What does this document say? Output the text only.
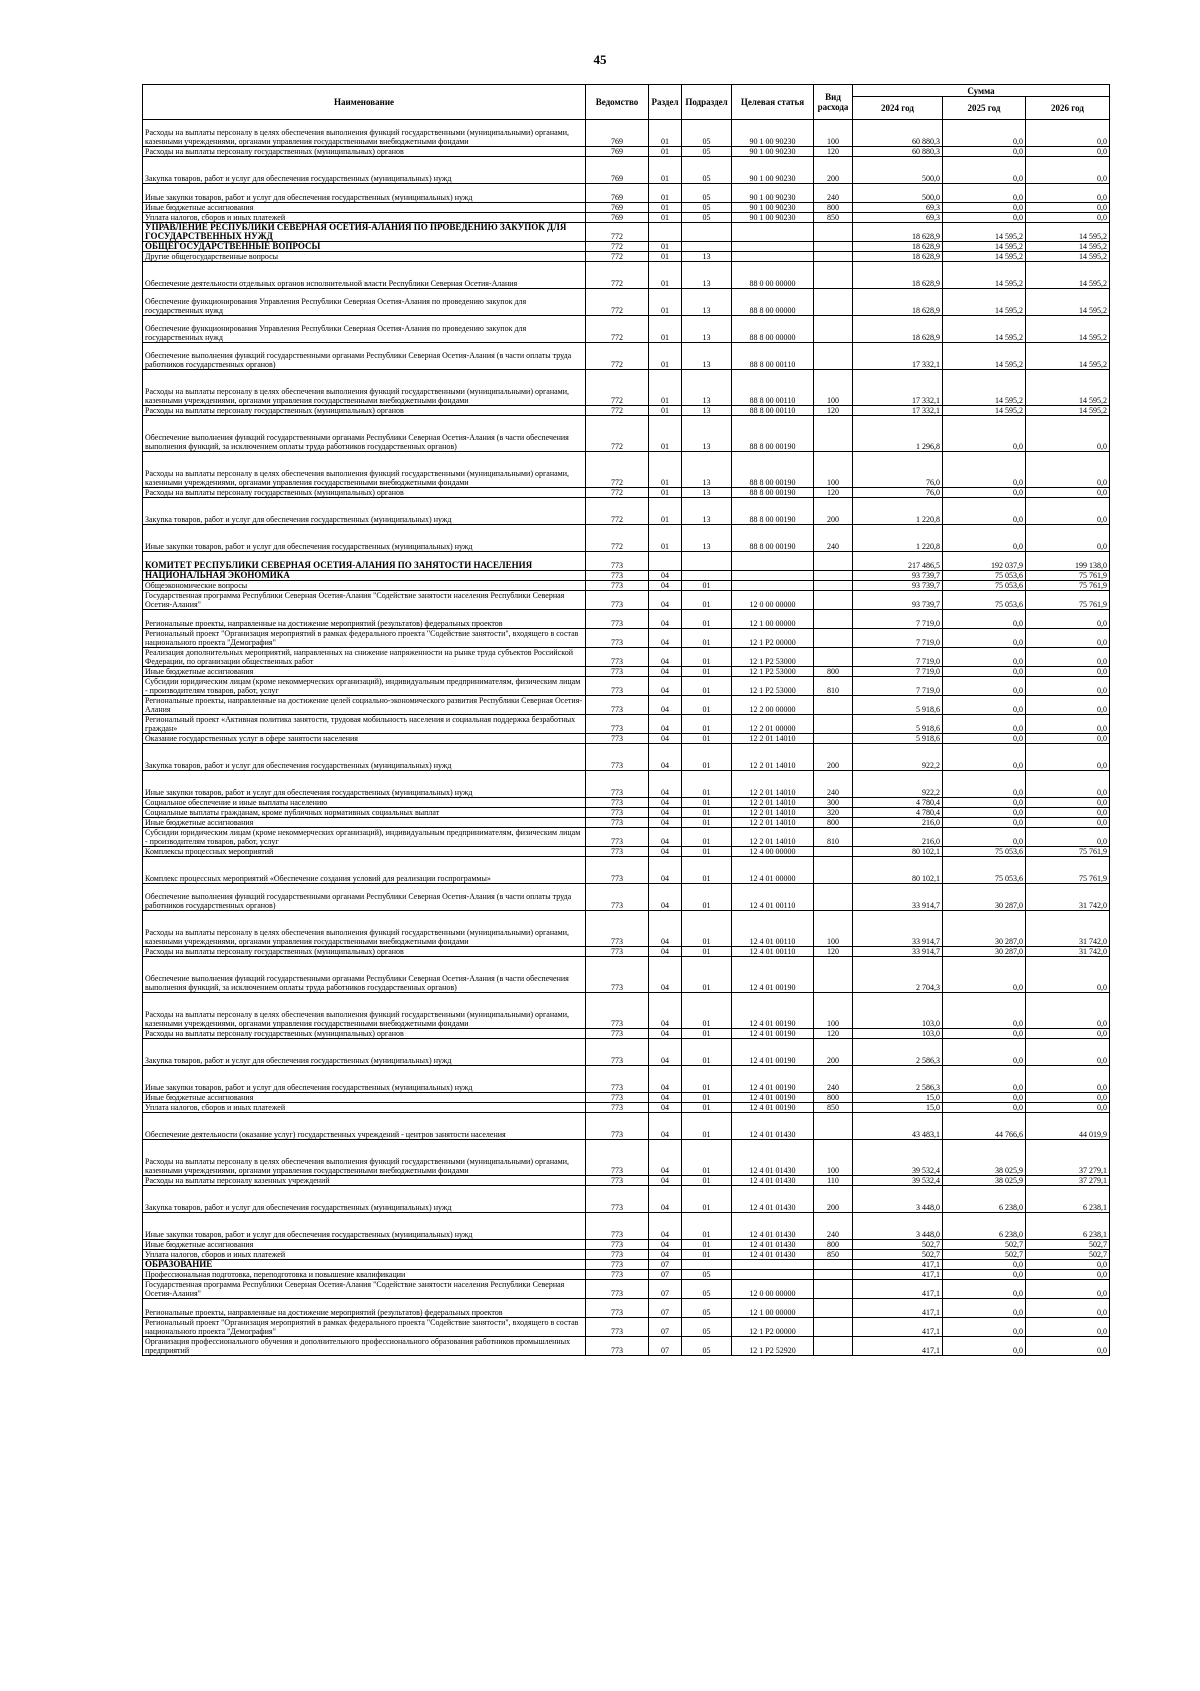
45
Наименование	Ведомство	Раздел	Подраздел	Целевая статья	Вид расхода	Сумма		
						2024 год	2025 год	2026 год
Расходы на выплаты персоналу в целях обеспечения выполнения функций государственными (муниципальными) органами, казенными учреждениями, органами управления государственными внебюджетными фондами	769	01	05	90 1 00 90230	100	60 880,3	0,0	0,0
Расходы на выплаты персоналу государственных (муниципальных) органов	769	01	05	90 1 00 90230	120	60 880,3	0,0	0,0
Закупка товаров, работ и услуг для обеспечения государственных (муниципальных) нужд	769	01	05	90 1 00 90230	200	500,0	0,0	0,0
Иные закупки товаров, работ и услуг для обеспечения государственных (муниципальных) нужд	769	01	05	90 1 00 90230	240	500,0	0,0	0,0
Иные бюджетные ассигнования	769	01	05	90 1 00 90230	800	69,3	0,0	0,0
Уплата налогов, сборов и иных платежей	769	01	05	90 1 00 90230	850	69,3	0,0	0,0
УПРАВЛЕНИЕ РЕСПУБЛИКИ СЕВЕРНАЯ ОСЕТИЯ-АЛАНИЯ ПО ПРОВЕДЕНИЮ ЗАКУПОК ДЛЯ ГОСУДАРСТВЕННЫХ НУЖД	772					18 628,9	14 595,2	14 595,2
ОБЩЕГОСУДАРСТВЕННЫЕ ВОПРОСЫ	772	01				18 628,9	14 595,2	14 595,2
Другие общегосударственные вопросы	772	01	13			18 628,9	14 595,2	14 595,2
Обеспечение деятельности отдельных органов исполнительной власти Республики Северная Осетия-Алания	772	01	13	88 0 00 00000		18 628,9	14 595,2	14 595,2
Обеспечение функционирования Управления Республики Северная Осетия-Алания по проведению закупок для государственных нужд	772	01	13	88 8 00 00000		18 628,9	14 595,2	14 595,2
Обеспечение функционирования Управления Республики Северная Осетия-Алания по проведению закупок для государственных нужд	772	01	13	88 8 00 00000		18 628,9	14 595,2	14 595,2
Обеспечение выполнения функций государственными органами Республики Северная Осетия-Алания (в части оплаты труда работников государственных органов)	772	01	13	88 8 00 00110		17 332,1	14 595,2	14 595,2
Расходы на выплаты персоналу в целях обеспечения выполнения функций государственными (муниципальными) органами, казенными учреждениями, органами управления государственными внебюджетными фондами	772	01	13	88 8 00 00110	100	17 332,1	14 595,2	14 595,2
Расходы на выплаты персоналу государственных (муниципальных) органов	772	01	13	88 8 00 00110	120	17 332,1	14 595,2	14 595,2
Обеспечение выполнения функций государственными органами Республики Северная Осетия-Алания (в части обеспечения выполнения функций, за исключением оплаты труда работников государственных органов)	772	01	13	88 8 00 00190		1 296,8	0,0	0,0
Расходы на выплаты персоналу в целях обеспечения выполнения функций государственными (муниципальными) органами, казенными учреждениями, органами управления государственными внебюджетными фондами	772	01	13	88 8 00 00190	100	76,0	0,0	0,0
Расходы на выплаты персоналу государственных (муниципальных) органов	772	01	13	88 8 00 00190	120	76,0	0,0	0,0
Закупка товаров, работ и услуг для обеспечения государственных (муниципальных) нужд	772	01	13	88 8 00 00190	200	1 220,8	0,0	0,0
Иные закупки товаров, работ и услуг для обеспечения государственных (муниципальных) нужд	772	01	13	88 8 00 00190	240	1 220,8	0,0	0,0
КОМИТЕТ РЕСПУБЛИКИ СЕВЕРНАЯ ОСЕТИЯ-АЛАНИЯ ПО ЗАНЯТОСТИ НАСЕЛЕНИЯ	773					217 486,5	192 037,9	199 138,0
НАЦИОНАЛЬНАЯ ЭКОНОМИКА	773	04				93 739,7	75 053,6	75 761,9
Общеэкономические вопросы	773	04	01			93 739,7	75 053,6	75 761,9
Государственная программа Республики Северная Осетия-Алания "Содействие занятости населения Республики Северная Осетия-Алания"	773	04	01	12 0 00 00000		93 739,7	75 053,6	75 761,9
Региональные проекты, направленные на достижение мероприятий (результатов) федеральных проектов	773	04	01	12 1 00 00000		7 719,0	0,0	0,0
Региональный проект "Организация мероприятий в рамках федерального проекта "Содействие занятости", входящего в состав национального проекта "Демография"	773	04	01	12 1 P2 00000		7 719,0	0,0	0,0
Реализация дополнительных мероприятий, направленных на снижение напряженности на рынке труда субъектов Российской Федерации, по организации общественных работ	773	04	01	12 1 P2 53000		7 719,0	0,0	0,0
Иные бюджетные ассигнования	773	04	01	12 1 P2 53000	800	7 719,0	0,0	0,0
Субсидии юридическим лицам (кроме некоммерческих организаций), индивидуальным предпринимателям, физическим лицам - производителям товаров, работ, услуг	773	04	01	12 1 P2 53000	810	7 719,0	0,0	0,0
Региональные проекты, направленные на достижение целей социально-экономического развития Республики Северная Осетия-Алания	773	04	01	12 2 00 00000		5 918,6	0,0	0,0
Региональный проект «Активная политика занятости, трудовая мобильность населения и социальная поддержка безработных граждан»	773	04	01	12 2 01 00000		5 918,6	0,0	0,0
Оказание государственных услуг в сфере занятости населения	773	04	01	12 2 01 14010		5 918,6	0,0	0,0
Закупка товаров, работ и услуг для обеспечения государственных (муниципальных) нужд	773	04	01	12 2 01 14010	200	922,2	0,0	0,0
Иные закупки товаров, работ и услуг для обеспечения государственных (муниципальных) нужд	773	04	01	12 2 01 14010	240	922,2	0,0	0,0
Социальное обеспечение и иные выплаты населению	773	04	01	12 2 01 14010	300	4 780,4	0,0	0,0
Социальные выплаты гражданам, кроме публичных нормативных социальных выплат	773	04	01	12 2 01 14010	320	4 780,4	0,0	0,0
Иные бюджетные ассигнования	773	04	01	12 2 01 14010	800	216,0	0,0	0,0
Субсидии юридическим лицам (кроме некоммерческих организаций), индивидуальным предпринимателям, физическим лицам - производителям товаров, работ, услуг	773	04	01	12 2 01 14010	810	216,0	0,0	0,0
Комплексы процессных мероприятий	773	04	01	12 4 00 00000		80 102,1	75 053,6	75 761,9
Комплекс процессных мероприятий «Обеспечение создания условий для реализации госпрограммы»	773	04	01	12 4 01 00000		80 102,1	75 053,6	75 761,9
Обеспечение выполнения функций государственными органами Республики Северная Осетия-Алания (в части оплаты труда работников государственных органов)	773	04	01	12 4 01 00110		33 914,7	30 287,0	31 742,0
Расходы на выплаты персоналу в целях обеспечения выполнения функций государственными (муниципальными) органами, казенными учреждениями, органами управления государственными внебюджетными фондами	773	04	01	12 4 01 00110	100	33 914,7	30 287,0	31 742,0
Расходы на выплаты персоналу государственных (муниципальных) органов	773	04	01	12 4 01 00110	120	33 914,7	30 287,0	31 742,0
Обеспечение выполнения функций государственными органами Республики Северная Осетия-Алания (в части обеспечения выполнения функций, за исключением оплаты труда работников государственных органов)	773	04	01	12 4 01 00190		2 704,3	0,0	0,0
Расходы на выплаты персоналу в целях обеспечения выполнения функций государственными (муниципальными) органами, казенными учреждениями, органами управления государственными внебюджетными фондами	773	04	01	12 4 01 00190	100	103,0	0,0	0,0
Расходы на выплаты персоналу государственных (муниципальных) органов	773	04	01	12 4 01 00190	120	103,0	0,0	0,0
Закупка товаров, работ и услуг для обеспечения государственных (муниципальных) нужд	773	04	01	12 4 01 00190	200	2 586,3	0,0	0,0
Иные закупки товаров, работ и услуг для обеспечения государственных (муниципальных) нужд	773	04	01	12 4 01 00190	240	2 586,3	0,0	0,0
Иные бюджетные ассигнования	773	04	01	12 4 01 00190	800	15,0	0,0	0,0
Уплата налогов, сборов и иных платежей	773	04	01	12 4 01 00190	850	15,0	0,0	0,0
Обеспечение деятельности (оказание услуг) государственных учреждений - центров занятости населения	773	04	01	12 4 01 01430		43 483,1	44 766,6	44 019,9
Расходы на выплаты персоналу в целях обеспечения выполнения функций государственными (муниципальными) органами, казенными учреждениями, органами управления государственными внебюджетными фондами	773	04	01	12 4 01 01430	100	39 532,4	38 025,9	37 279,1
Расходы на выплаты персоналу казенных учреждений	773	04	01	12 4 01 01430	110	39 532,4	38 025,9	37 279,1
Закупка товаров, работ и услуг для обеспечения государственных (муниципальных) нужд	773	04	01	12 4 01 01430	200	3 448,0	6 238,0	6 238,1
Иные закупки товаров, работ и услуг для обеспечения государственных (муниципальных) нужд	773	04	01	12 4 01 01430	240	3 448,0	6 238,0	6 238,1
Иные бюджетные ассигнования	773	04	01	12 4 01 01430	800	502,7	502,7	502,7
Уплата налогов, сборов и иных платежей	773	04	01	12 4 01 01430	850	502,7	502,7	502,7
ОБРАЗОВАНИЕ	773	07				417,1	0,0	0,0
Профессиональная подготовка, переподготовка и повышение квалификации	773	07	05			417,1	0,0	0,0
Государственная программа Республики Северная Осетия-Алания "Содействие занятости населения Республики Северная Осетия-Алания"	773	07	05	12 0 00 00000		417,1	0,0	0,0
Региональные проекты, направленные на достижение мероприятий (результатов) федеральных проектов	773	07	05	12 1 00 00000		417,1	0,0	0,0
Региональный проект "Организация мероприятий в рамках федерального проекта "Содействие занятости", входящего в состав национального проекта "Демография"	773	07	05	12 1 P2 00000		417,1	0,0	0,0
Организация профессионального обучения и дополнительного профессионального образования работников промышленных предприятий	773	07	05	12 1 P2 52920		417,1	0,0	0,0
